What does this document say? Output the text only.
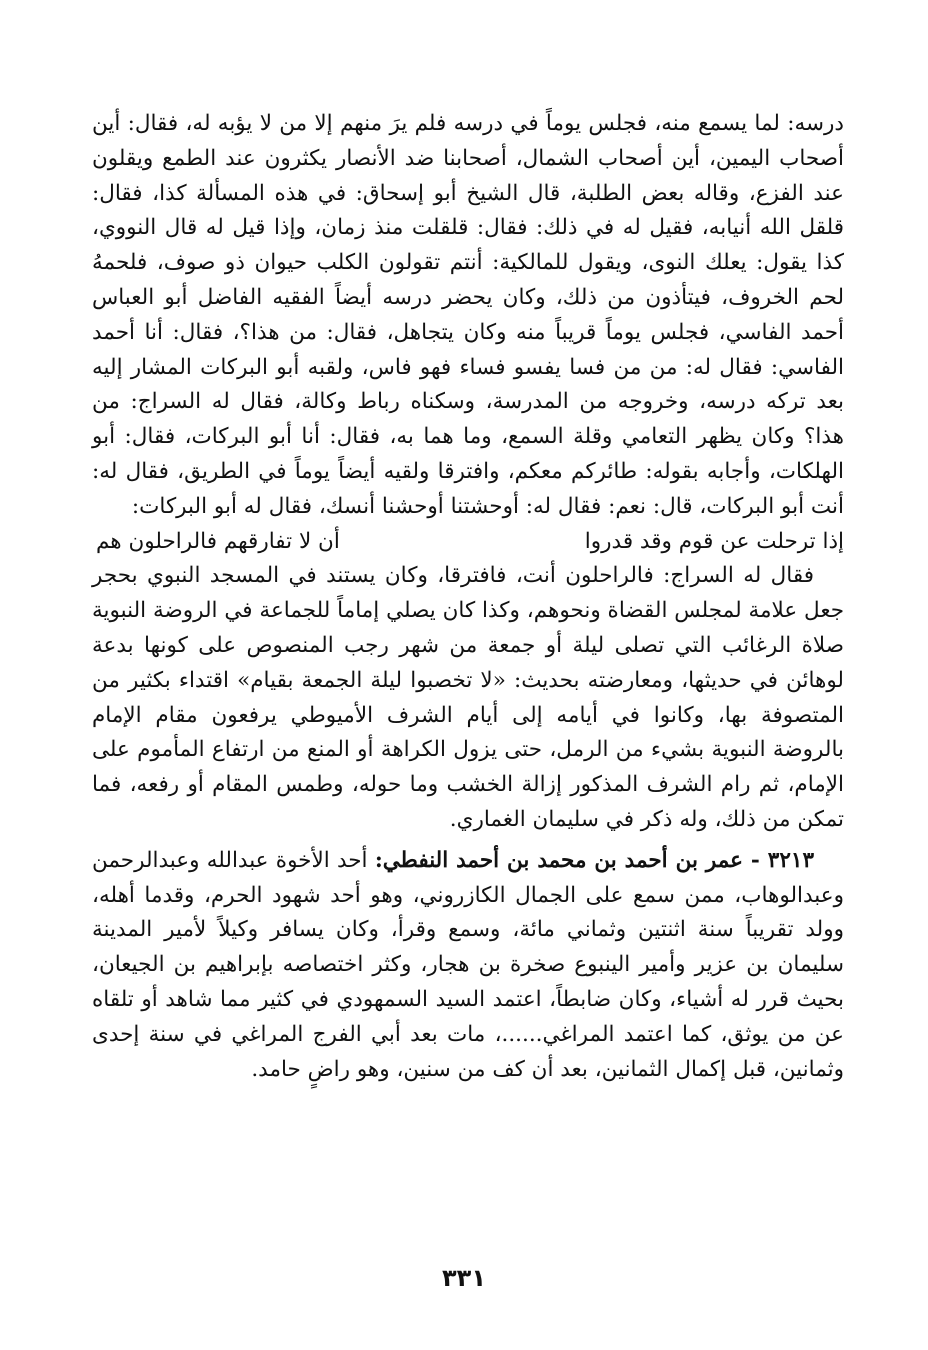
درسه: لما يسمع منه، فجلس يوماً في درسه فلم يرَ منهم إلا من لا يؤبه له، فقال: أين أصحاب اليمين، أين أصحاب الشمال، أصحابنا ضد الأنصار يكثرون عند الطمع ويقلون عند الفزع، وقاله بعض الطلبة، قال الشيخ أبو إسحاق: في هذه المسألة كذا، فقال: قلقل الله أنيابه، فقيل له في ذلك: فقال: قلقلت منذ زمان، وإذا قيل له قال النووي، كذا يقول: يعلك النوى، ويقول للمالكية: أنتم تقولون الكلب حيوان ذو صوف، فلحمهُ لحم الخروف، فيتأذون من ذلك، وكان يحضر درسه أيضاً الفقيه الفاضل أبو العباس أحمد الفاسي، فجلس يوماً قريباً منه وكان يتجاهل، فقال: من هذا؟، فقال: أنا أحمد الفاسي: فقال له: من من فسا يفسو فساء فهو فاس، ولقبه أبو البركات المشار إليه بعد تركه درسه، وخروجه من المدرسة، وسكناه رباط وكالة، فقال له السراج: من هذا؟ وكان يظهر التعامي وقلة السمع، وما هما به، فقال: أنا أبو البركات، فقال: أبو الهلكات، وأجابه بقوله: طائركم معكم، وافترقا ولقيه أيضاً يوماً في الطريق، فقال له: أنت أبو البركات، قال: نعم: فقال له: أوحشتنا أوحشنا أنسك، فقال له أبو البركات:

إذا ترحلت عن قوم وقد قدروا
أن لا تفارقهم فالراحلون هم

فقال له السراج: فالراحلون أنت، فافترقا، وكان يستند في المسجد النبوي بحجر جعل علامة لمجلس القضاة ونحوهم، وكذا كان يصلي إماماً للجماعة في الروضة النبوية صلاة الرغائب التي تصلى ليلة أو جمعة من شهر رجب المنصوص على كونها بدعة لوهائن في حديثها، ومعارضته بحديث: «لا تخصبوا ليلة الجمعة بقيام» اقتداء بكثير من المتصوفة بها، وكانوا في أيامه إلى أيام الشرف الأميوطي يرفعون مقام الإمام بالروضة النبوية بشيء من الرمل، حتى يزول الكراهة أو المنع من ارتفاع المأموم على الإمام، ثم رام الشرف المذكور إزالة الخشب وما حوله، وطمس المقام أو رفعه، فما تمكن من ذلك، وله ذكر في سليمان الغماري.

٣٢١٣ - عمر بن أحمد بن محمد بن أحمد النفطي: أحد الأخوة عبدالله وعبدالرحمن وعبدالوهاب، ممن سمع على الجمال الكازروني، وهو أحد شهود الحرم، وقدما أهله، وولد تقريباً سنة اثنتين وثماني مائة، وسمع وقرأ، وكان يسافر وكيلاً لأمير المدينة سليمان بن عزير وأمير الينبوع صخرة بن هجار، وكثر اختصاصه بإبراهيم بن الجيعان، بحيث قرر له أشياء، وكان ضابطاً، اعتمد السيد السمهودي في كثير مما شاهد أو تلقاه عن من يوثق، كما اعتمد المراغي......، مات بعد أبي الفرج المراغي في سنة إحدى وثمانين، قبل إكمال الثمانين، بعد أن كف من سنين، وهو راضٍ حامد.

٣٣١
